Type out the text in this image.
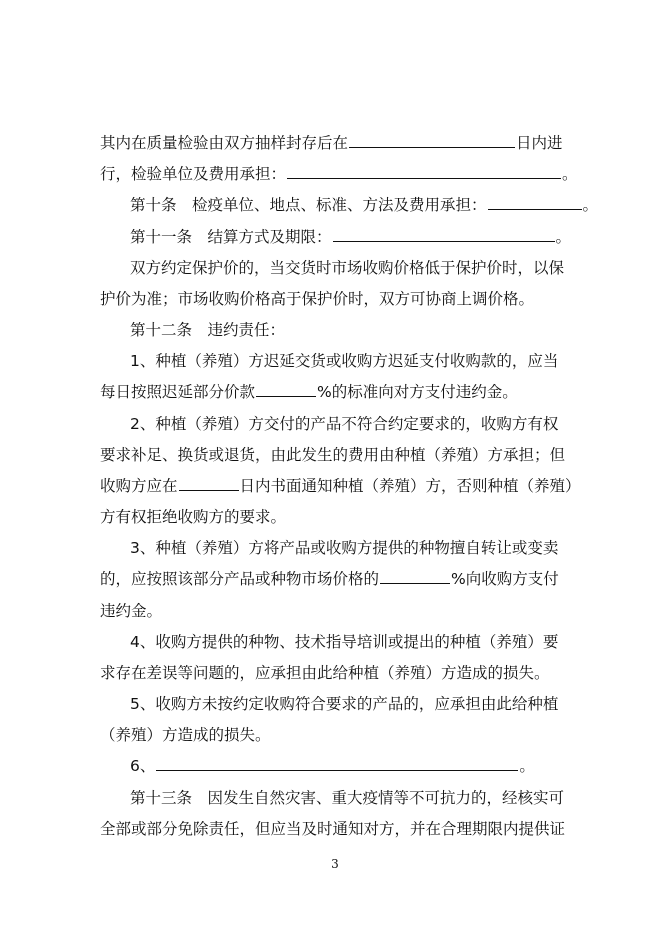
其内在质量检验由双方抽样封存后在	日内进
行，检验单位及费用承担：	。
第十条　检疫单位、地点、标准、方法及费用承担：	。
第十一条　结算方式及期限：	。
双方约定保护价的，当交货时市场收购价格低于保护价时，以保
护价为准；市场收购价格高于保护价时，双方可协商上调价格。
第十二条　违约责任：
1、种植（养殖）方迟延交货或收购方迟延支付收购款的，应当
每日按照迟延部分价款	%的标准向对方支付违约金。
2、种植（养殖）方交付的产品不符合约定要求的，收购方有权
要求补足、换货或退货，由此发生的费用由种植（养殖）方承担；但
收购方应在	日内书面通知种植（养殖）方，否则种植（养殖）
方有权拒绝收购方的要求。
3、种植（养殖）方将产品或收购方提供的种物擅自转让或变卖
的，应按照该部分产品或种物市场价格的	%向收购方支付
违约金。
4、收购方提供的种物、技术指导培训或提出的种植（养殖）要
求存在差误等问题的，应承担由此给种植（养殖）方造成的损失。
5、收购方未按约定收购符合要求的产品的，应承担由此给种植
（养殖）方造成的损失。
6、	。
第十三条　因发生自然灾害、重大疫情等不可抗力的，经核实可
全部或部分免除责任，但应当及时通知对方，并在合理期限内提供证
3
